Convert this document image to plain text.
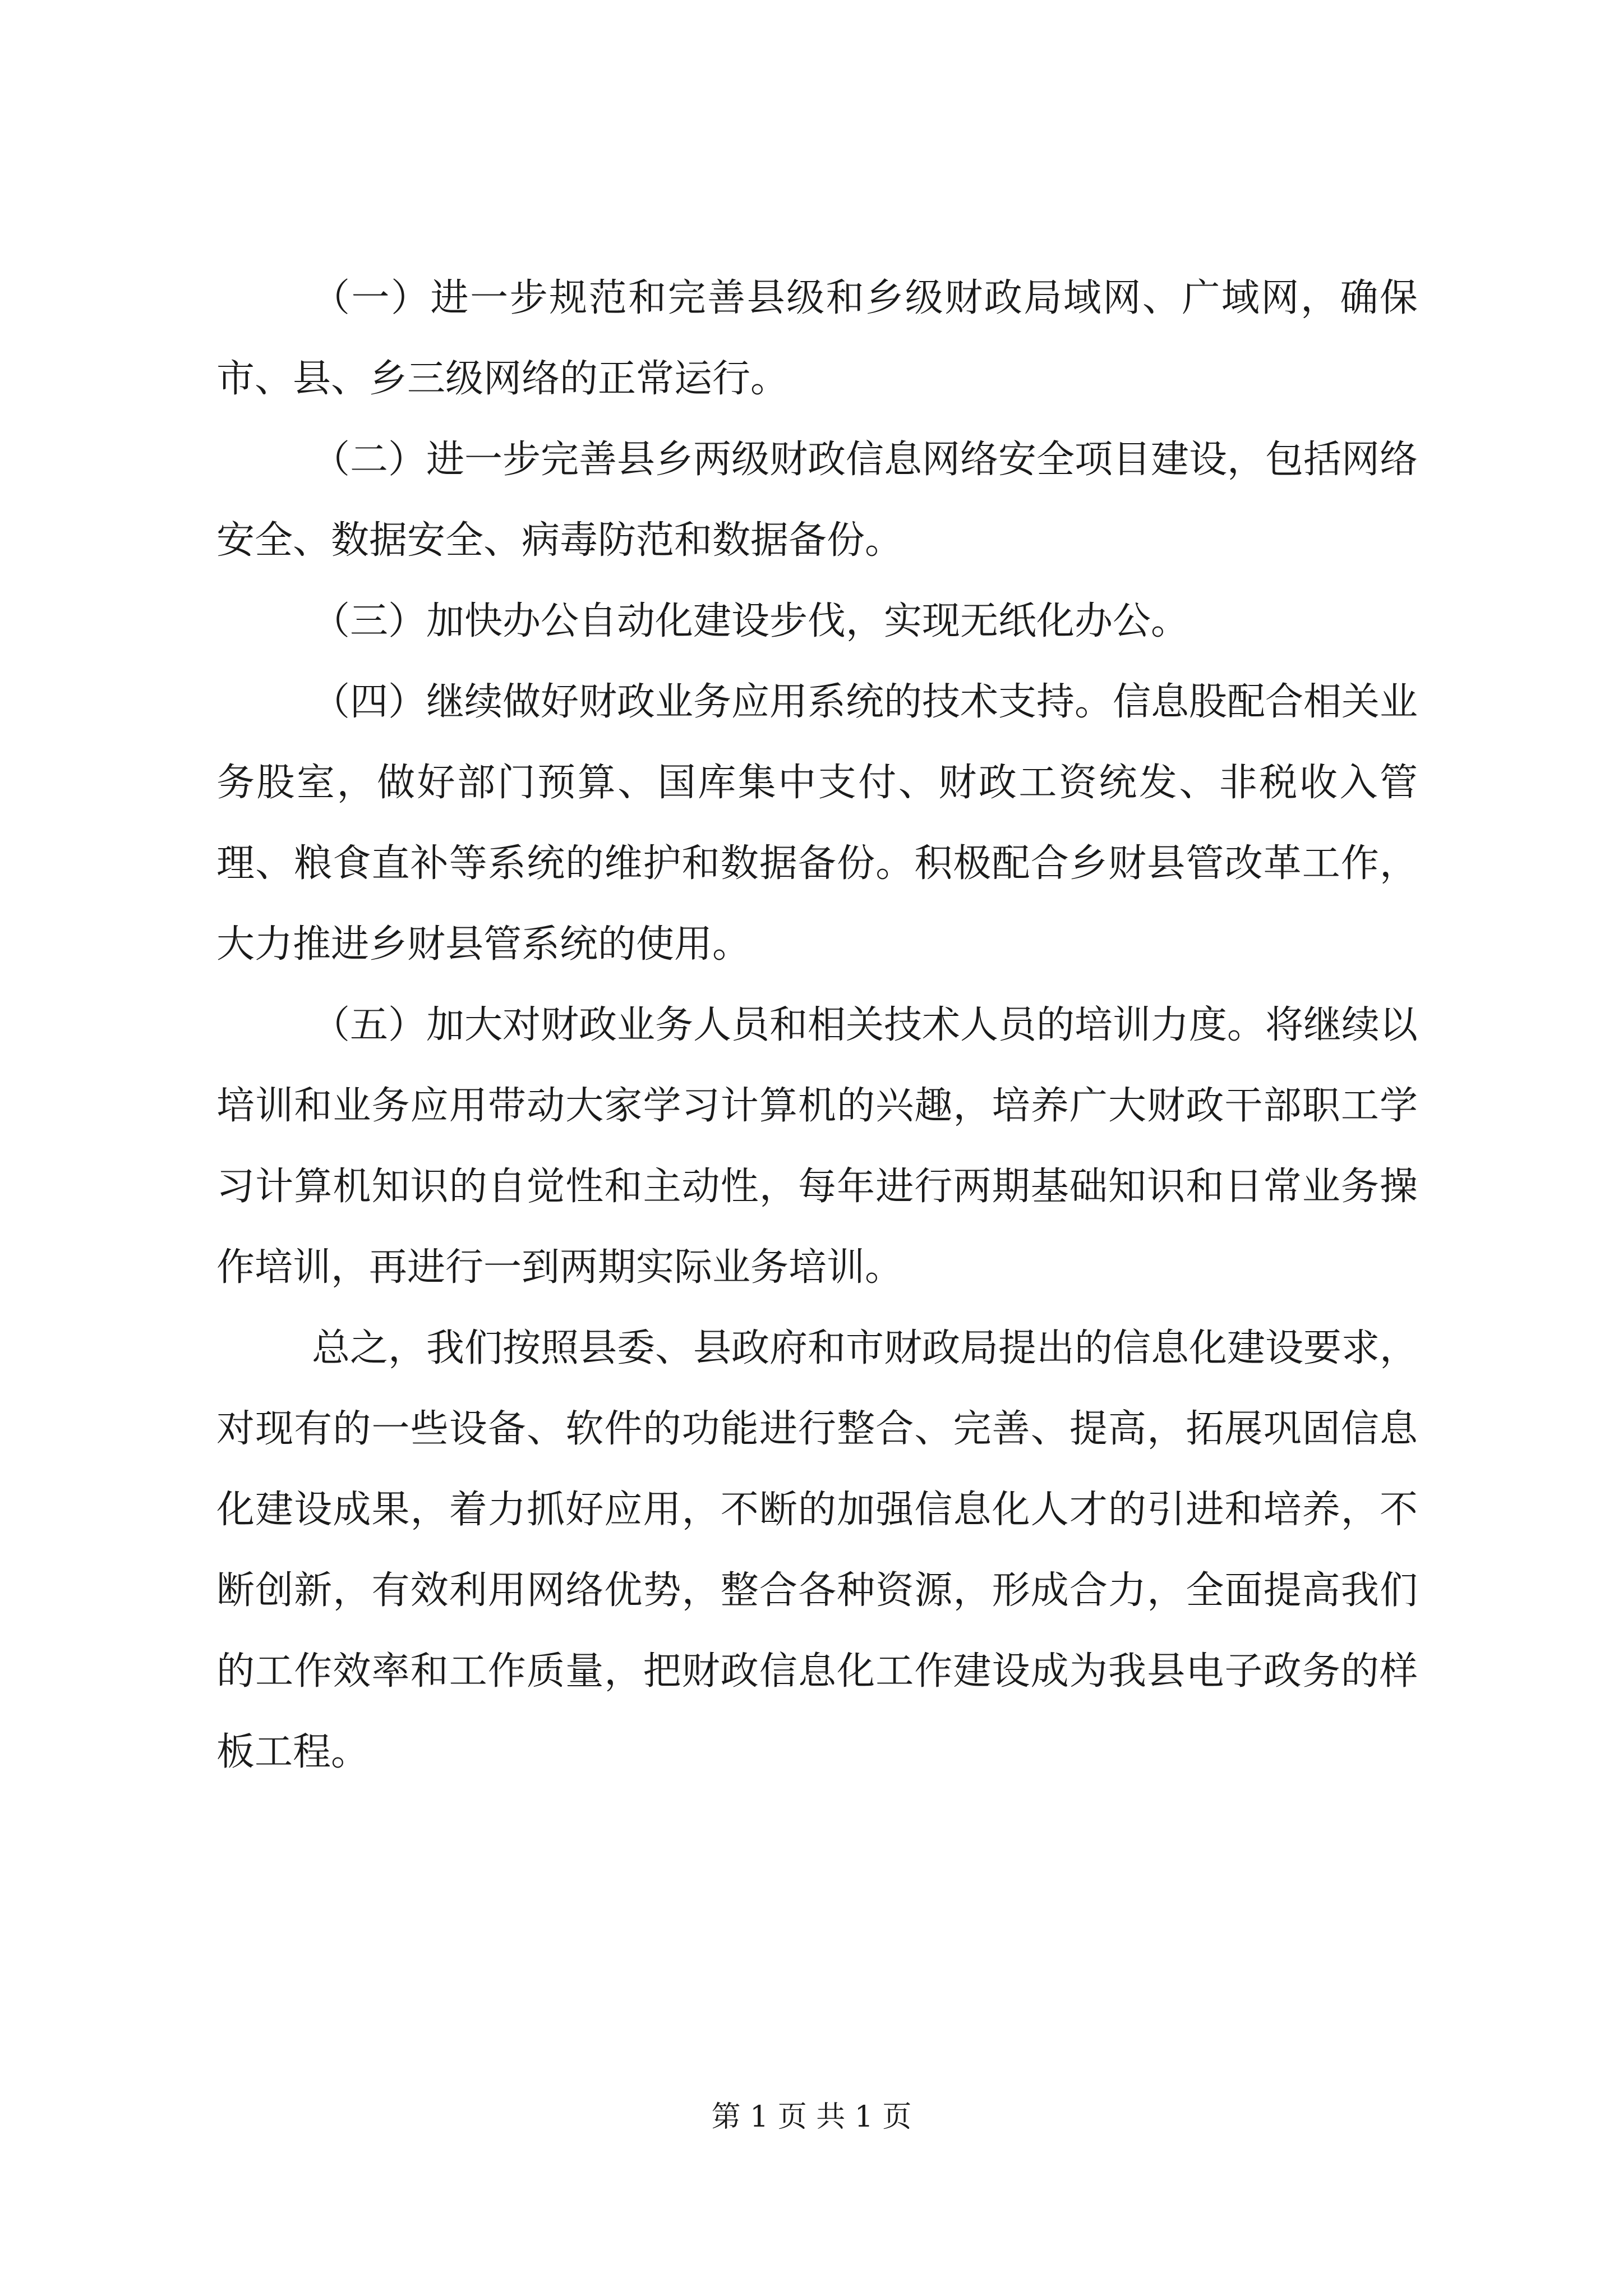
（一）进一步规范和完善县级和乡级财政局域网、广域网，确保市、县、乡三级网络的正常运行。

（二）进一步完善县乡两级财政信息网络安全项目建设，包括网络安全、数据安全、病毒防范和数据备份。

（三）加快办公自动化建设步伐，实现无纸化办公。

（四）继续做好财政业务应用系统的技术支持。信息股配合相关业务股室，做好部门预算、国库集中支付、财政工资统发、非税收入管理、粮食直补等系统的维护和数据备份。积极配合乡财县管改革工作，大力推进乡财县管系统的使用。

（五）加大对财政业务人员和相关技术人员的培训力度。将继续以培训和业务应用带动大家学习计算机的兴趣，培养广大财政干部职工学习计算机知识的自觉性和主动性，每年进行两期基础知识和日常业务操作培训，再进行一到两期实际业务培训。

总之，我们按照县委、县政府和市财政局提出的信息化建设要求，对现有的一些设备、软件的功能进行整合、完善、提高，拓展巩固信息化建设成果，着力抓好应用，不断的加强信息化人才的引进和培养，不断创新，有效利用网络优势，整合各种资源，形成合力，全面提高我们的工作效率和工作质量，把财政信息化工作建设成为我县电子政务的样板工程。

第 1 页 共 1 页
